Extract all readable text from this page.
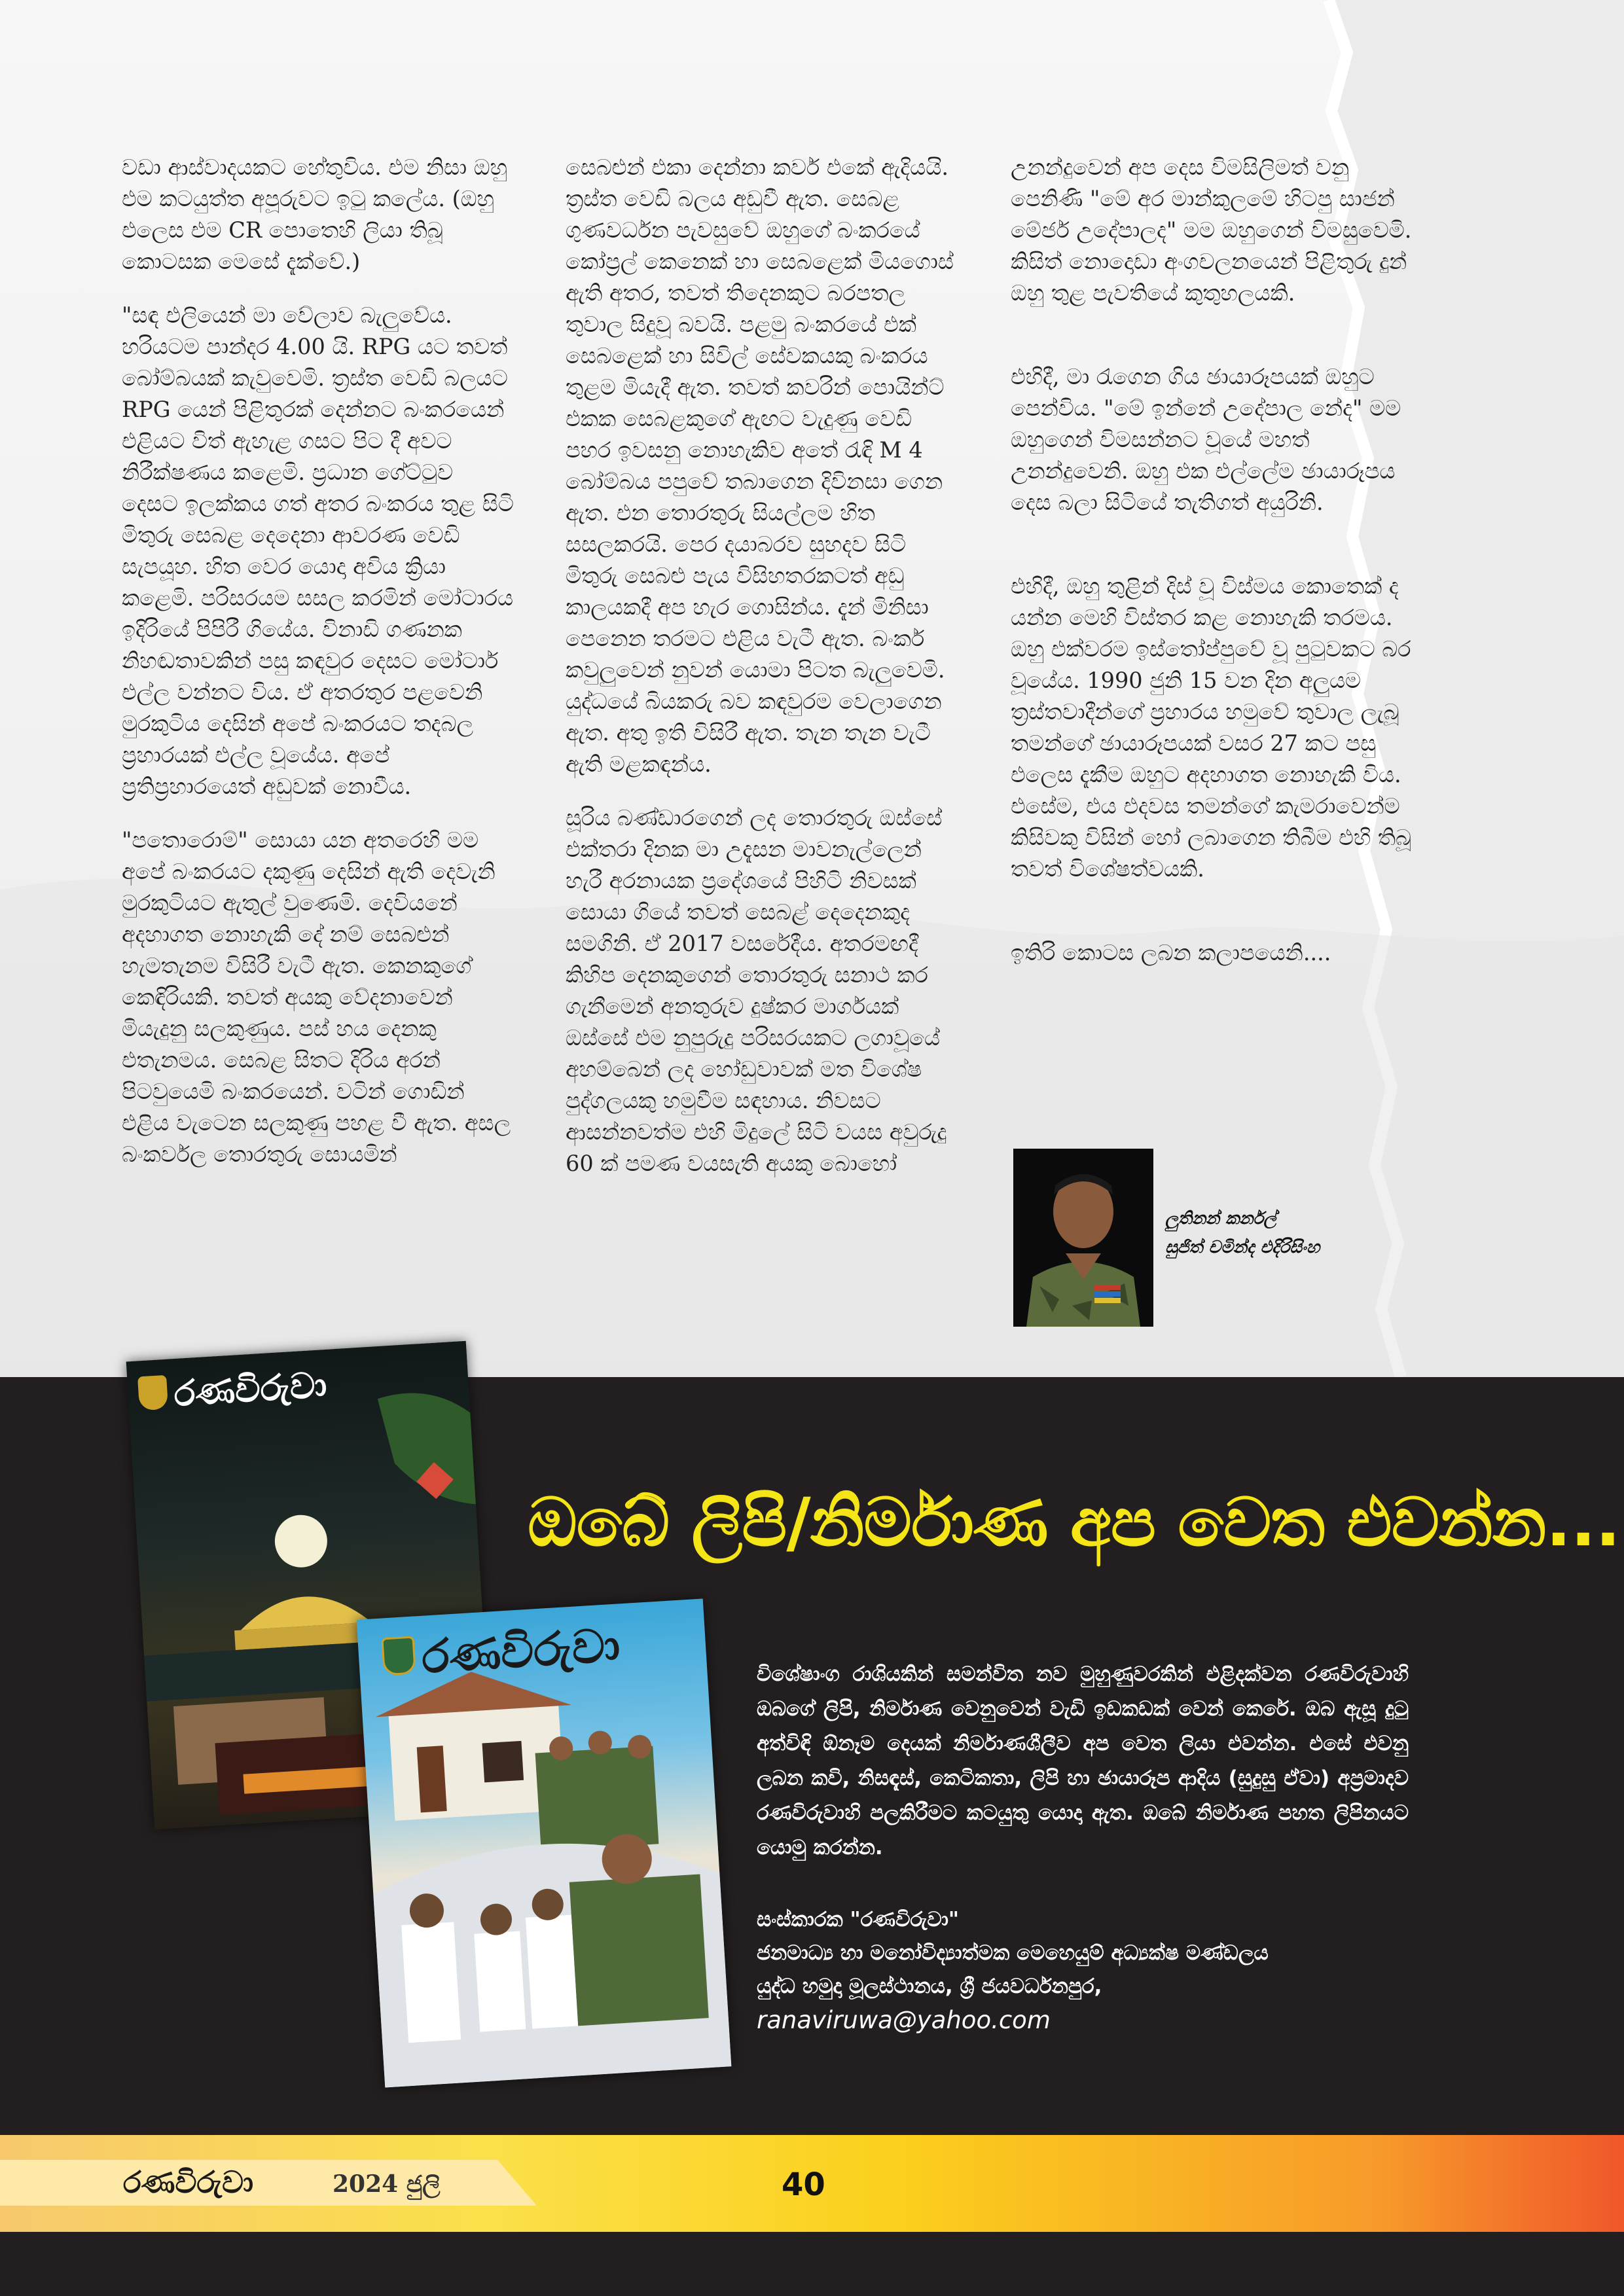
වඩා ආස්වාදයකට හේතුවිය. එම නිසා ඔහු එම කටයුත්ත අපූරුවට ඉටු කලේය. (ඔහු එලෙස එම CR පොතෙහි ලියා තිබූ කොටසක මෙසේ දැක්වේ.)

"සඳ එලියෙන් මා වේලාව බැලුවේය. හරියටම පාන්දර 4.00 යි. RPG යට තවත් බෝම්බයක් කැවුවෙමි. ත්‍රස්ත වෙඩි බලයට RPG යෙන් පිළිතුරක් දෙන්නට බංකරයෙන් එළියට විත් ඇහැළ ගසට පිට දී අවට නිරීක්ෂණය කළෙමි. ප්‍රධාන ගේට්ටුව දෙසට ඉලක්කය ගත් අතර බංකරය තුළ සිටි මිතුරු සෙබළ දෙදෙනා ආවරණ වෙඩි සැපයූහ. හිත වෙර යොදා අවිය ක්‍රියා කළෙමි. පරිසරයම සසල කරමින් මෝටාරය ඉදිරියේ පිපිරී ගියේය. විනාඩි ගණනක නිහඬතාවකින් පසු කඳවුර දෙසට මෝටාර් එල්ල වන්නට විය. ඒ අතරතුර පළවෙනි මුරකුටිය දෙසින් අපේ බංකරයට තදබල ප්‍රහාරයක් එල්ල වූයේය. අපේ ප්‍රතිප්‍රහාරයෙත් අඩුවක් නොවීය.

"පතොරොම්" සොයා යන අතරෙහි මම අපේ බංකරයට දකුණු දෙසින් ඇති දෙවැනි මුරකුටියට ඇතුල් වුණෙමි. දෙවියනේ අදහාගත නොහැකි දේ නම් සෙබළුන් හැමතැනම විසිරී වැටී ඇත. කෙනකුගේ කෙඳිරියකි. තවත් අයකු වේදනාවෙන් මියැදුනු සලකුණුය. පස් හය දෙනකු එතැනමය. සෙබළ සිතට දිරිය අරන් පිටවුයෙමි බංකරයෙන්. වටින් ගොඩින් එළිය වැටෙන සලකුණු පහළ වී ඇත. අසල බංකර්වල තොරතුරු සොයමින්

සෙබළුන් එකා දෙන්නා කවර් එකේ ඇදියයි. ත්‍රස්ත වෙඩි බලය අඩුවී ඇත. සෙබළ ගුණවර්ධන පැවසුවේ ඔහුගේ බංකරයේ කෝප්‍රල් කෙනෙක් හා සෙබළෙක් මියගොස් ඇති අතර, තවත් තිදෙනකුට බරපතල තුවාල සිදුවූ බවයි. පළමු බංකරයේ එක් සෙබළෙක් හා සිවිල් සේවකයකු බංකරය තුළම මියැදී ඇත. තවත් කවරින් පොයින්ට් එකක සෙබළකුගේ ඇඟට වැදුණු වෙඩි පහර ඉවසනු නොහැකිව අතේ රැඳි M 4 බෝම්බය පපුවේ තබාගෙන දිවිනසා ගෙන ඇත. එන තොරතුරු සියල්ලම හිත සසලකරයි. පෙර දයාබරව සුහදව සිටි මිතුරු සෙබළු පැය විසිහතරකටත් අඩු කාලයකදී අප හැර ගොසින්ය. දැන් මිනිසා පෙනෙන තරමට එළිය වැටී ඇත. බංකර් කවුලුවෙන් නුවන් යොමා පිටත බැලුවෙමි. යුද්ධයේ බියකරු බව කඳවුරම වෙලාගෙන ඇත. අතු ඉති විසිරී ඇත. තැන තැන වැටී ඇති මළකඳන්ය.

සූරිය බණ්ඩාරගෙන් ලද තොරතුරු ඔස්සේ එක්තරා දිනක මා උදැසන මාවනැල්ලෙන් හැරී අරනායක ප්‍රදේශයේ පිහිටි නිවසක් සොයා ගියේ තවත් සෙබළ් දෙදෙනකුද සමගිනි. ඒ 2017 වසරේදීය. අතරමඟදී කිහිප දෙනකුගෙන් තොරතුරු සනාථ කර ගැනීමෙන් අනතුරුව දුෂ්කර මාර්ගයක් ඔස්සේ එම නුපුරුදු පරිසරයකට ලගාවූයේ අහම්බෙන් ලද හෝඩුවාවක් මත විශේෂ පුද්ගලයකු හමුවීම සඳහාය. නිවසට ආසන්නවත්ම එහි මිදුලේ සිටි වයස අවුරුදු 60 ක් පමණ වයසැති අයකු බොහෝ

උනන්දුවෙන් අප දෙස විමසිලිමත් වනු පෙනිණි "මේ අර මාන්කුලමේ හිටපු සාජන් මේජර් උදේපාලද" මම ඔහුගෙන් විමසුවෙමි. කිසිත් නොදොඩා අංගචලනයෙන් පිළිතුරු දුන් ඔහු තුළ පැවතියේ කුතුහලයකි.

එහිදී, මා රැගෙන ගිය ඡායාරූපයක් ඔහුට පෙන්විය. "මේ ඉන්නේ උදේපාල නේද" මම ඔහුගෙන් විමසන්නට වූයේ මහත් උනන්දුවෙනි. ඔහු එක එල්ලේම ඡායාරූපය දෙස බලා සිටියේ තැතිගත් අයුරිනි.

එහිදී, ඔහු තුළින් දිස් වූ විස්මය කොතෙක් ද යන්න මෙහි විස්තර කළ නොහැකි තරමය. ඔහු එක්වරම ඉස්තෝප්පුවේ වූ පුටුවකට බර වූයේය. 1990 ජුනි 15 වන දින අලුයම ත්‍රස්තවාදීන්ගේ ප්‍රහාරය හමුවේ තුවාල ලැබූ තමන්ගේ ඡායාරූපයක් වසර 27 කට පසු එලෙස දැකීම ඔහුට අදහාගත නොහැකි විය. එසේම, එය එදවස තමන්ගේ කැමරාවෙන්ම කිසිවකු විසින් හෝ ලබාගෙන තිබීම එහි තිබූ තවත් විශේෂත්වයකි.

ඉතිරි කොටස ලබන කලාපයෙනි....

ලුතිනන් කර්නල්
සුජිත් චමින්ද එදිරිසිංහ
රණවිරුවා
රණවිරුවා
ඔබේ ලිපි/නිර්මාණ අප වෙත එවන්න...

විශේෂාංග රාශියකින් සමන්විත නව මුහුණුවරකින් එළිදක්වන රණවිරුවාහි ඔබගේ ලිපි, නිර්මාණ වෙනුවෙන් වැඩි ඉඩකඩක් වෙන් කෙරේ. ඔබ ඇසූ දුටු අත්විඳි ඕනෑම දෙයක් නිර්මාණශීලීව අප වෙත ලියා එවන්න. එසේ එවනු ලබන කවි, නිසඳැස්, කෙටිකතා, ලිපි හා ඡායාරූප ආදිය (සුදුසු ඒවා) අප්‍රමාදව රණවිරුවාහි පලකිරීමට කටයුතු යොදා ඇත. ඔබේ නිර්මාණ පහත ලිපිනයට යොමු කරන්න.

සංස්කාරක "රණවිරුවා"
ජනමාධ්‍ය හා මනෝවිද්‍යාත්මක මෙහෙයුම් අධ්‍යක්ෂ මණ්ඩලය
යුද්ධ හමුදා මූලස්ථානය, ශ්‍රී ජයවර්ධනපුර,
ranaviruwa@yahoo.com
රණවිරුවා	2024 ජුලි	40
